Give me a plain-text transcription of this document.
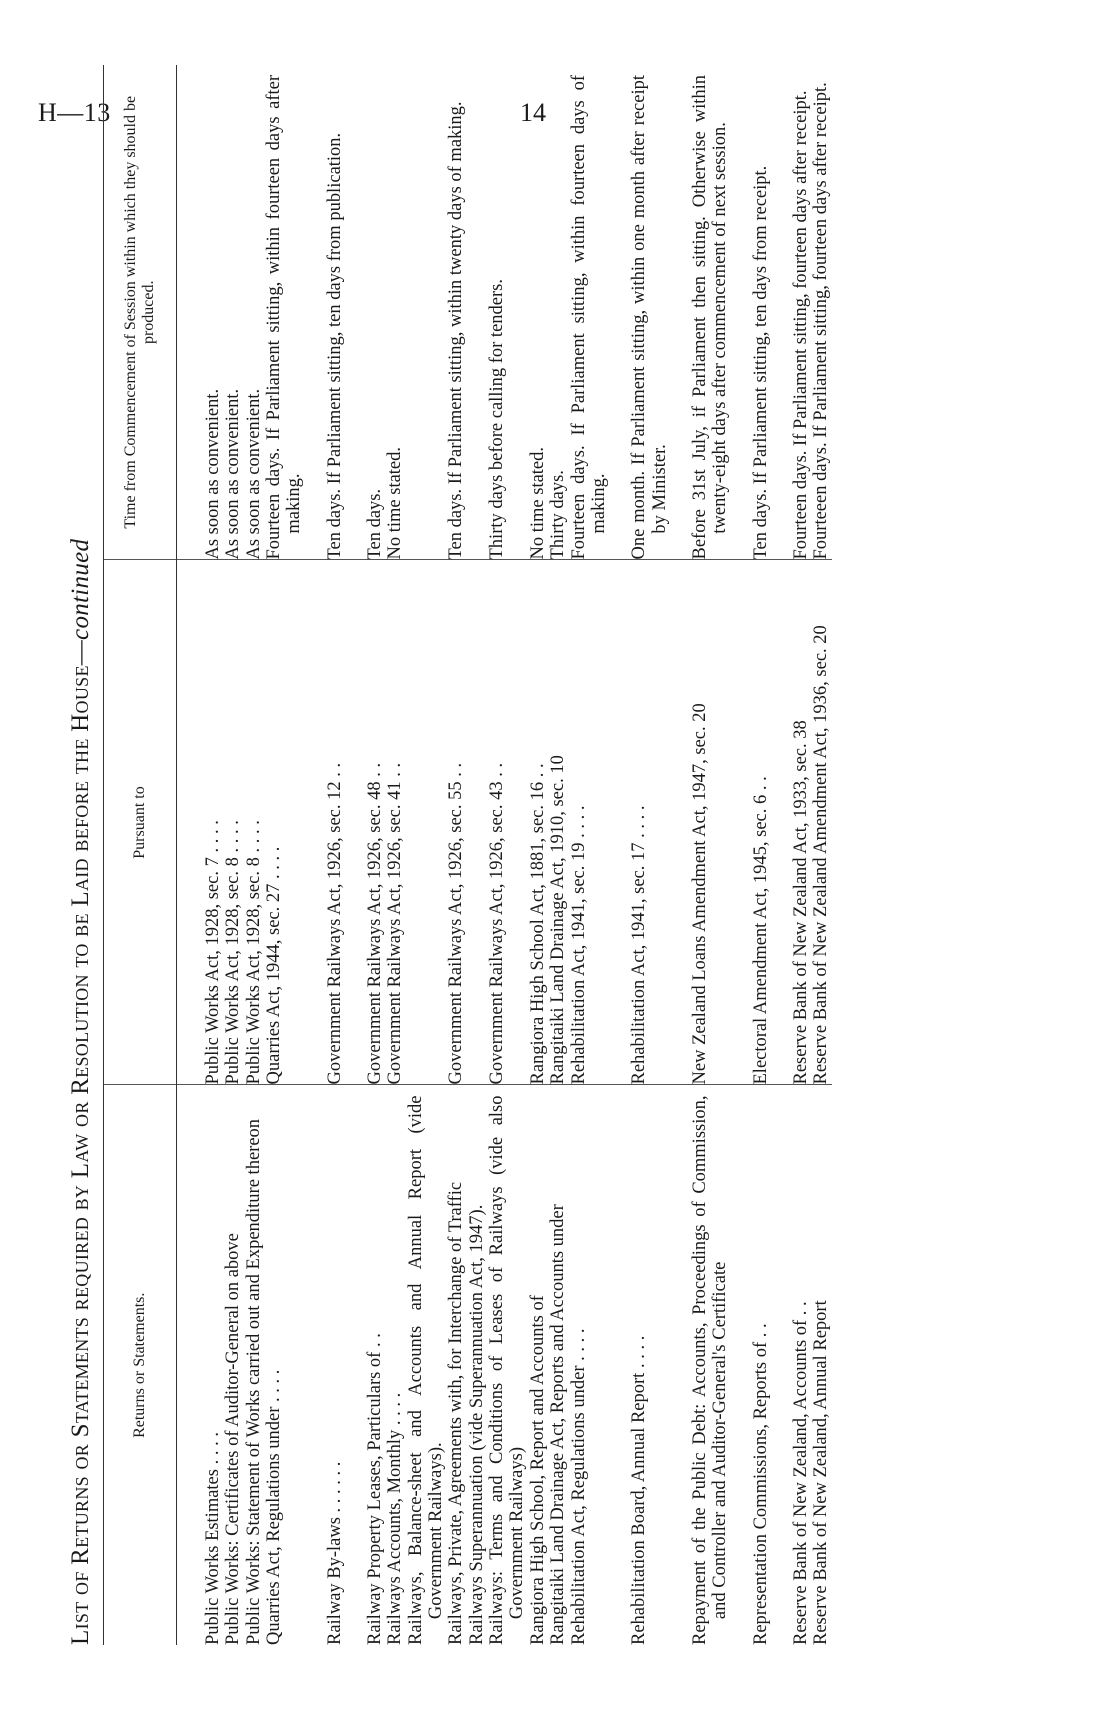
H—13	14
List of Returns or Statements required by Law or Resolution to be Laid before the House—continued
Returns or Statements.	Pursuant to	Time from Commencement of Session within which they should be produced.
Public Works Estimates . . . .	Public Works Act, 1928, sec. 7 . . . .	As soon as convenient.
Public Works: Certificates of Auditor-General on above	Public Works Act, 1928, sec. 8 . . . .	As soon as convenient.
Public Works: Statement of Works carried out and Expenditure thereon	Public Works Act, 1928, sec. 8 . . . .	As soon as convenient.
Quarries Act, Regulations under . . . .	Quarries Act, 1944, sec. 27 . . . .	Fourteen days. If Parliament sitting, within fourteen days after making.
Railway By-laws . . . . . .	Government Railways Act, 1926, sec. 12 . .	Ten days. If Parliament sitting, ten days from publication.
Railway Property Leases, Particulars of . .	Government Railways Act, 1926, sec. 48 . .	Ten days.
Railways Accounts, Monthly . . . .	Government Railways Act, 1926, sec. 41 . .	No time stated.
Railways, Balance-sheet and Accounts and Annual Report (vide Government Railways).		
Railways, Private, Agreements with, for Interchange of Traffic	Government Railways Act, 1926, sec. 55 . .	Ten days. If Parliament sitting, within twenty days of making.
Railways Superannuation (vide Superannuation Act, 1947).		
Railways: Terms and Conditions of Leases of Railways (vide also Government Railways)	Government Railways Act, 1926, sec. 43 . .	Thirty days before calling for tenders.
Rangiora High School, Report and Accounts of	Rangiora High School Act, 1881, sec. 16 . .	No time stated.
Rangitaiki Land Drainage Act, Reports and Accounts under	Rangitaiki Land Drainage Act, 1910, sec. 10	Thirty days.
Rehabilitation Act, Regulations under . . . .	Rehabilitation Act, 1941, sec. 19 . . . .	Fourteen days. If Parliament sitting, within fourteen days of making.
Rehabilitation Board, Annual Report . . . .	Rehabilitation Act, 1941, sec. 17 . . . .	One month. If Parliament sitting, within one month after receipt by Minister.
Repayment of the Public Debt: Accounts, Proceedings of Commission, and Controller and Auditor-General's Certificate	New Zealand Loans Amendment Act, 1947, sec. 20	Before 31st July, if Parliament then sitting. Otherwise within twenty-eight days after commencement of next session.
Representation Commissions, Reports of . .	Electoral Amendment Act, 1945, sec. 6 . .	Ten days. If Parliament sitting, ten days from receipt.
Reserve Bank of New Zealand, Accounts of . .	Reserve Bank of New Zealand Act, 1933, sec. 38	Fourteen days. If Parliament sitting, fourteen days after receipt.
Reserve Bank of New Zealand, Annual Report	Reserve Bank of New Zealand Amendment Act, 1936, sec. 20	Fourteeen days. If Parliament sitting, fourteen days after receipt.
